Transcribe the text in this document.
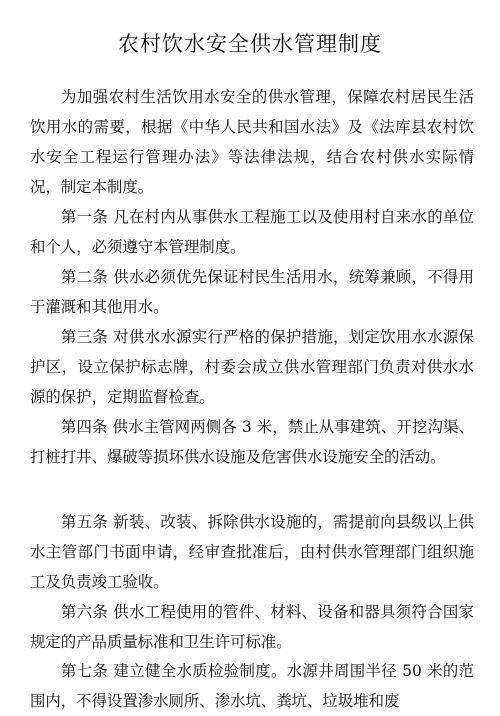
农村饮水安全供水管理制度

为加强农村生活饮用水安全的供水管理，保障农村居民生活饮用水的需要，根据《中华人民共和国水法》及《法库县农村饮水安全工程运行管理办法》等法律法规，结合农村供水实际情况，制定本制度。

第一条 凡在村内从事供水工程施工以及使用村自来水的单位和个人，必须遵守本管理制度。

第二条 供水必须优先保证村民生活用水，统筹兼顾，不得用于灌溉和其他用水。

第三条 对供水水源实行严格的保护措施，划定饮用水水源保护区，设立保护标志牌，村委会成立供水管理部门负责对供水水源的保护，定期监督检查。

第四条 供水主管网两侧各 3 米，禁止从事建筑、开挖沟渠、打桩打井、爆破等损坏供水设施及危害供水设施安全的活动。

第五条 新装、改装、拆除供水设施的，需提前向县级以上供水主管部门书面申请，经审查批准后，由村供水管理部门组织施工及负责竣工验收。

第六条 供水工程使用的管件、材料、设备和器具须符合国家规定的产品质量标准和卫生许可标准。

第七条 建立健全水质检验制度。水源井周围半径 50 米的范围内，不得设置渗水厕所、渗水坑、粪坑、垃圾堆和废
